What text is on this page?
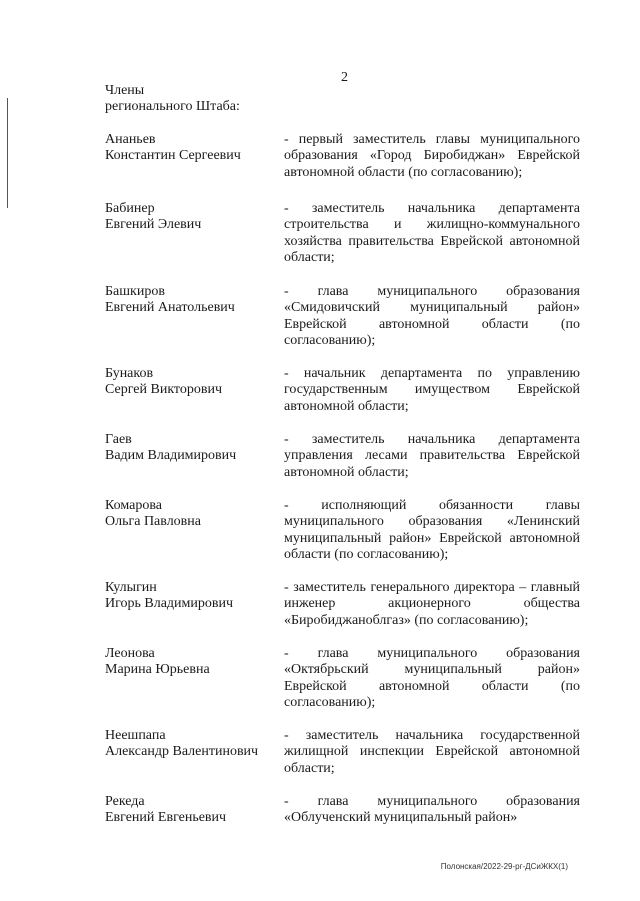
2
Члены
регионального Штаба:
Ананьев
Константин Сергеевич
- первый заместитель главы муниципального образования «Город Биробиджан» Еврейской автономной области (по согласованию);
Бабинер
Евгений Элевич
- заместитель начальника департамента строительства и жилищно-коммунального хозяйства правительства Еврейской автономной области;
Башкиров
Евгений Анатольевич
- глава муниципального образования «Смидовичский муниципальный район» Еврейской автономной области (по согласованию);
Бунаков
Сергей Викторович
- начальник департамента по управлению государственным имуществом Еврейской автономной области;
Гаев
Вадим Владимирович
- заместитель начальника департамента управления лесами правительства Еврейской автономной области;
Комарова
Ольга Павловна
- исполняющий обязанности главы муниципального образования «Ленинский муниципальный район» Еврейской автономной области (по согласованию);
Кулыгин
Игорь Владимирович
- заместитель генерального директора – главный инженер акционерного общества «Биробиджаноблгаз» (по согласованию);
Леонова
Марина Юрьевна
- глава муниципального образования «Октябрьский муниципальный район» Еврейской автономной области (по согласованию);
Неешпапа
Александр Валентинович
- заместитель начальника государственной жилищной инспекции Еврейской автономной области;
Рекеда
Евгений Евгеньевич
- глава муниципального образования «Облученский муниципальный район»
Полонская/2022-29-рг-ДСиЖКХ(1)
